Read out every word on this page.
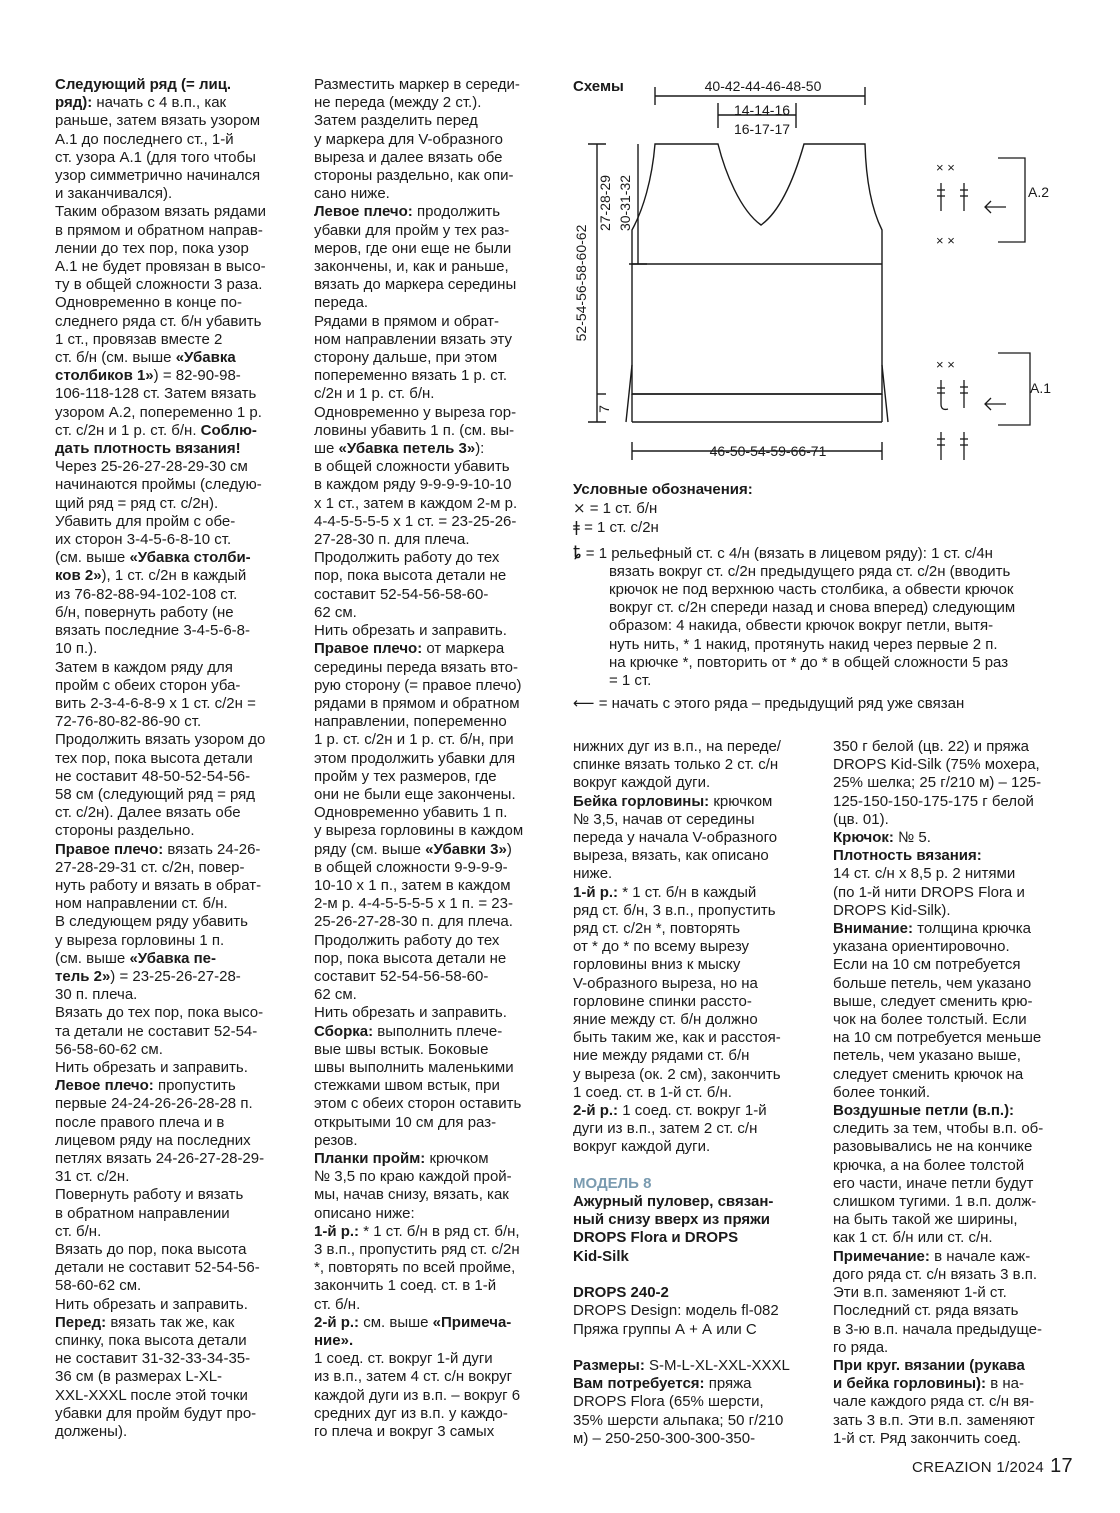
Следующий ряд (= лиц.

ряд): начать с 4 в.п., как

раньше, затем вязать узором

А.1 до последнего ст., 1-й

ст. узора А.1 (для того чтобы

узор симметрично начинался

и заканчивался).

Таким образом вязать рядами

в прямом и обратном направ-

лении до тех пор, пока узор

А.1 не будет провязан в высо-

ту в общей сложности 3 раза.

Одновременно в конце по-

следнего ряда ст. б/н убавить

1 ст., провязав вместе 2

ст. б/н (см. выше «Убавка

столбиков 1») = 82-90-98-

106-118-128 ст. Затем вязать

узором А.2, попеременно 1 р.

ст. с/2н и 1 р. ст. б/н. Соблю-

дать плотность вязания!

Через 25-26-27-28-29-30 см

начинаются проймы (следую-

щий ряд = ряд ст. с/2н).

Убавить для пройм с обе-

их сторон 3-4-5-6-8-10 ст.

(см. выше «Убавка столби-

ков 2»), 1 ст. с/2н в каждый

из 76-82-88-94-102-108 ст.

б/н, повернуть работу (не

вязать последние 3-4-5-6-8-

10 п.).

Затем в каждом ряду для

пройм с обеих сторон уба-

вить 2-3-4-6-8-9 х 1 ст. с/2н =

72-76-80-82-86-90 ст.

Продолжить вязать узором до

тех пор, пока высота детали

не составит 48-50-52-54-56-

58 см (следующий ряд = ряд

ст. с/2н). Далее вязать обе

стороны раздельно.

Правое плечо: вязать 24-26-

27-28-29-31 ст. с/2н, повер-

нуть работу и вязать в обрат-

ном направлении ст. б/н.

В следующем ряду убавить

у выреза горловины 1 п.

(см. выше «Убавка пе-

тель 2») = 23-25-26-27-28-

30 п. плеча.

Вязать до тех пор, пока высо-

та детали не составит 52-54-

56-58-60-62 см.

Нить обрезать и заправить.

Левое плечо: пропустить

первые 24-24-26-26-28-28 п.

после правого плеча и в

лицевом ряду на последних

петлях вязать 24-26-27-28-29-

31 ст. с/2н.

Повернуть работу и вязать

в обратном направлении

ст. б/н.

Вязать до пор, пока высота

детали не составит 52-54-56-

58-60-62 см.

Нить обрезать и заправить.

Перед: вязать так же, как

спинку, пока высота детали

не составит 31-32-33-34-35-

36 см (в размерах L-XL-

XXL-XXXL после этой точки

убавки для пройм будут про-

должены).

Разместить маркер в середи-

не переда (между 2 ст.).

Затем разделить перед

у маркера для V-образного

выреза и далее вязать обе

стороны раздельно, как опи-

сано ниже.

Левое плечо: продолжить

убавки для пройм у тех раз-

меров, где они еще не были

закончены, и, как и раньше,

вязать до маркера середины

переда.

Рядами в прямом и обрат-

ном направлении вязать эту

сторону дальше, при этом

попеременно вязать 1 р. ст.

с/2н и 1 р. ст. б/н.

Одновременно у выреза гор-

ловины убавить 1 п. (см. вы-

ше «Убавка петель 3»):

в общей сложности убавить

в каждом ряду 9-9-9-9-10-10

х 1 ст., затем в каждом 2-м р.

4-4-5-5-5-5 х 1 ст. = 23-25-26-

27-28-30 п. для плеча.

Продолжить работу до тех

пор, пока высота детали не

составит 52-54-56-58-60-

62 см.

Нить обрезать и заправить.

Правое плечо: от маркера

середины переда вязать вто-

рую сторону (= правое плечо)

рядами в прямом и обратном

направлении, попеременно

1 р. ст. с/2н и 1 р. ст. б/н, при

этом продолжить убавки для

пройм у тех размеров, где

они не были еще закончены.

Одновременно убавить 1 п.

у выреза горловины в каждом

ряду (см. выше «Убавки 3»)

в общей сложности 9-9-9-9-

10-10 х 1 п., затем в каждом

2-м р. 4-4-5-5-5-5 х 1 п. = 23-

25-26-27-28-30 п. для плеча.

Продолжить работу до тех

пор, пока высота детали не

составит 52-54-56-58-60-

62 см.

Нить обрезать и заправить.

Сборка: выполнить плече-

вые швы встык. Боковые

швы выполнить маленькими

стежками швом встык, при

этом с обеих сторон оставить

открытыми 10 см для раз-

резов.

Планки пройм: крючком

№ 3,5 по краю каждой прой-

мы, начав снизу, вязать, как

описано ниже:

1-й р.: * 1 ст. б/н в ряд ст. б/н,

3 в.п., пропустить ряд ст. с/2н

*, повторять по всей пройме,

закончить 1 соед. ст. в 1-й

ст. б/н.

2-й р.: см. выше «Примеча-

ние».

1 соед. ст. вокруг 1-й дуги

из в.п., затем 4 ст. с/н вокруг

каждой дуги из в.п. – вокруг 6

средних дуг из в.п. у каждо-

го плеча и вокруг 3 самых

Схемы	40-42-44-46-48-50
14-14-16
16-17-17
52-54-56-58-60-62
27-28-29 30-31-32
7
46-50-54-59-66-71
× ×
× ×
А.2
× ×
А.1

Условные обозначения:

× = 1 ст. б/н

ǂ = 1 ст. с/2н

ȶ = 1 рельефный ст. с 4/н (вязать в лицевом ряду): 1 ст. с/4н

вязать вокруг ст. с/2н предыдущего ряда ст. с/2н (вводить

крючок не под верхнюю часть столбика, а обвести крючок

вокруг ст. с/2н спереди назад и снова вперед) следующим

образом: 4 накида, обвести крючок вокруг петли, вытя-

нуть нить, * 1 накид, протянуть накид через первые 2 п.

на крючке *, повторить от * до * в общей сложности 5 раз

= 1 ст.

⟵ = начать с этого ряда – предыдущий ряд уже связан

нижних дуг из в.п., на переде/

спинке вязать только 2 ст. с/н

вокруг каждой дуги.

Бейка горловины: крючком

№ 3,5, начав от середины

переда у начала V-образного

выреза, вязать, как описано

ниже.

1-й р.: * 1 ст. б/н в каждый

ряд ст. б/н, 3 в.п., пропустить

ряд ст. с/2н *, повторять

от * до * по всему вырезу

горловины вниз к мыску

V-образного выреза, но на

горловине спинки рассто-

яние между ст. б/н должно

быть таким же, как и расстоя-

ние между рядами ст. б/н

у выреза (ок. 2 см), закончить

1 соед. ст. в 1-й ст. б/н.

2-й р.: 1 соед. ст. вокруг 1-й

дуги из в.п., затем 2 ст. с/н

вокруг каждой дуги.

МОДЕЛЬ 8

Ажурный пуловер, связан-

ный снизу вверх из пряжи

DROPS Flora и DROPS

Kid-Silk

DROPS 240-2

DROPS Design: модель fl-082

Пряжа группы А + А или С

Размеры: S-M-L-XL-XXL-XXXL

Вам потребуется: пряжа

DROPS Flora (65% шерсти,

35% шерсти альпака; 50 г/210

м) – 250-250-300-300-350-

350 г белой (цв. 22) и пряжа

DROPS Kid-Silk (75% мохера,

25% шелка; 25 г/210 м) – 125-

125-150-150-175-175 г белой

(цв. 01).

Крючок: № 5.

Плотность вязания:

14 ст. с/н х 8,5 р. 2 нитями

(по 1-й нити DROPS Flora и

DROPS Kid-Silk).

Внимание: толщина крючка

указана ориентировочно.

Если на 10 см потребуется

больше петель, чем указано

выше, следует сменить крю-

чок на более толстый. Если

на 10 см потребуется меньше

петель, чем указано выше,

следует сменить крючок на

более тонкий.

Воздушные петли (в.п.):

следить за тем, чтобы в.п. об-

разовывались не на кончике

крючка, а на более толстой

его части, иначе петли будут

слишком тугими. 1 в.п. долж-

на быть такой же ширины,

как 1 ст. б/н или ст. с/н.

Примечание: в начале каж-

дого ряда ст. с/н вязать 3 в.п.

Эти в.п. заменяют 1-й ст.

Последний ст. ряда вязать

в 3-ю в.п. начала предыдуще-

го ряда.

При круг. вязании (рукава

и бейка горловины): в на-

чале каждого ряда ст. с/н вя-

зать 3 в.п. Эти в.п. заменяют

1-й ст. Ряд закончить соед.

CREAZION 1/2024 17
